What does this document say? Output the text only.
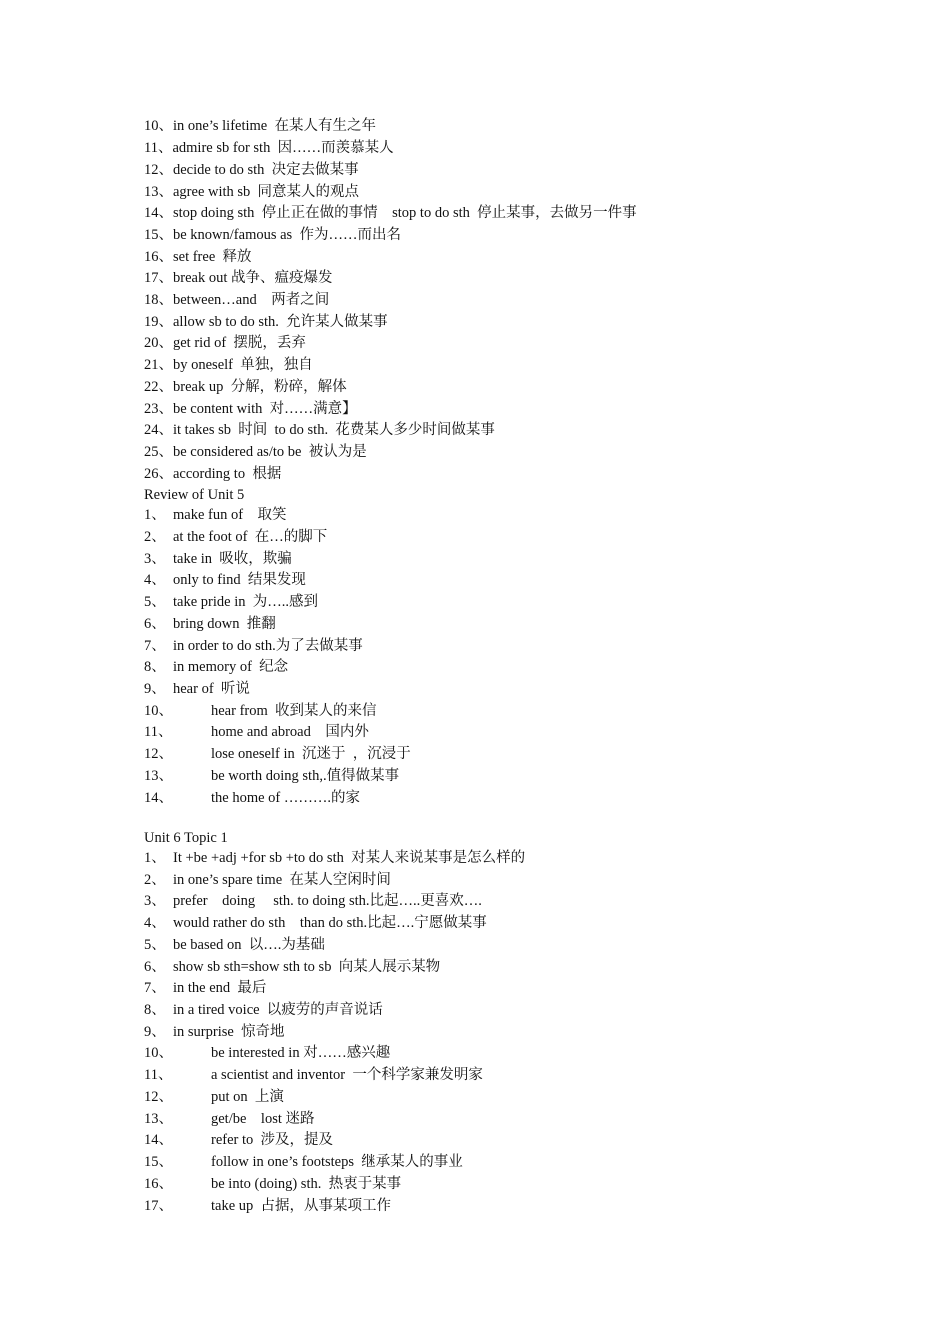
10、in one’s lifetime  在某人有生之年
11、admire sb for sth  因……而羡慕某人
12、decide to do sth  决定去做某事
13、agree with sb  同意某人的观点
14、stop doing sth  停止正在做的事情    stop to do sth  停止某事，去做另一件事
15、be known/famous as  作为……而出名
16、set free  释放
17、break out 战争、瘟疫爆发
18、between…and    两者之间
19、allow sb to do sth.  允许某人做某事
20、get rid of  摆脱，丢弃
21、by oneself  单独，独自
22、break up  分解，粉碎，解体
23、be content with  对……满意】
24、it takes sb  时间  to do sth.  花费某人多少时间做某事
25、be considered as/to be  被认为是
26、according to  根据
Review of Unit 5
1、 make fun of    取笑
2、 at the foot of  在…的脚下
3、 take in  吸收，欺骗
4、 only to find  结果发现
5、 take pride in  为…..感到
6、 bring down  推翻
7、 in order to do sth.为了去做某事
8、 in memory of  纪念
9、 hear of  听说
10、	hear from  收到某人的来信
11、	home and abroad    国内外
12、	lose oneself in  沉迷于  ，沉浸于
13、	be worth doing sth,.值得做某事
14、	the home of ……….的家
Unit 6 Topic 1
1、 It +be +adj +for sb +to do sth  对某人来说某事是怎么样的
2、 in one’s spare time  在某人空闲时间
3、 prefer    doing     sth. to doing sth.比起…..更喜欢….
4、 would rather do sth    than do sth.比起….宁愿做某事
5、 be based on  以….为基础
6、 show sb sth=show sth to sb  向某人展示某物
7、 in the end  最后
8、 in a tired voice  以疲劳的声音说话
9、 in surprise  惊奇地
10、	be interested in 对……感兴趣
11、	a scientist and inventor  一个科学家兼发明家
12、	put on  上演
13、	get/be    lost 迷路
14、	refer to  涉及，提及
15、	follow in one’s footsteps  继承某人的事业
16、	be into (doing) sth.  热衷于某事
17、	take up  占据，从事某项工作
